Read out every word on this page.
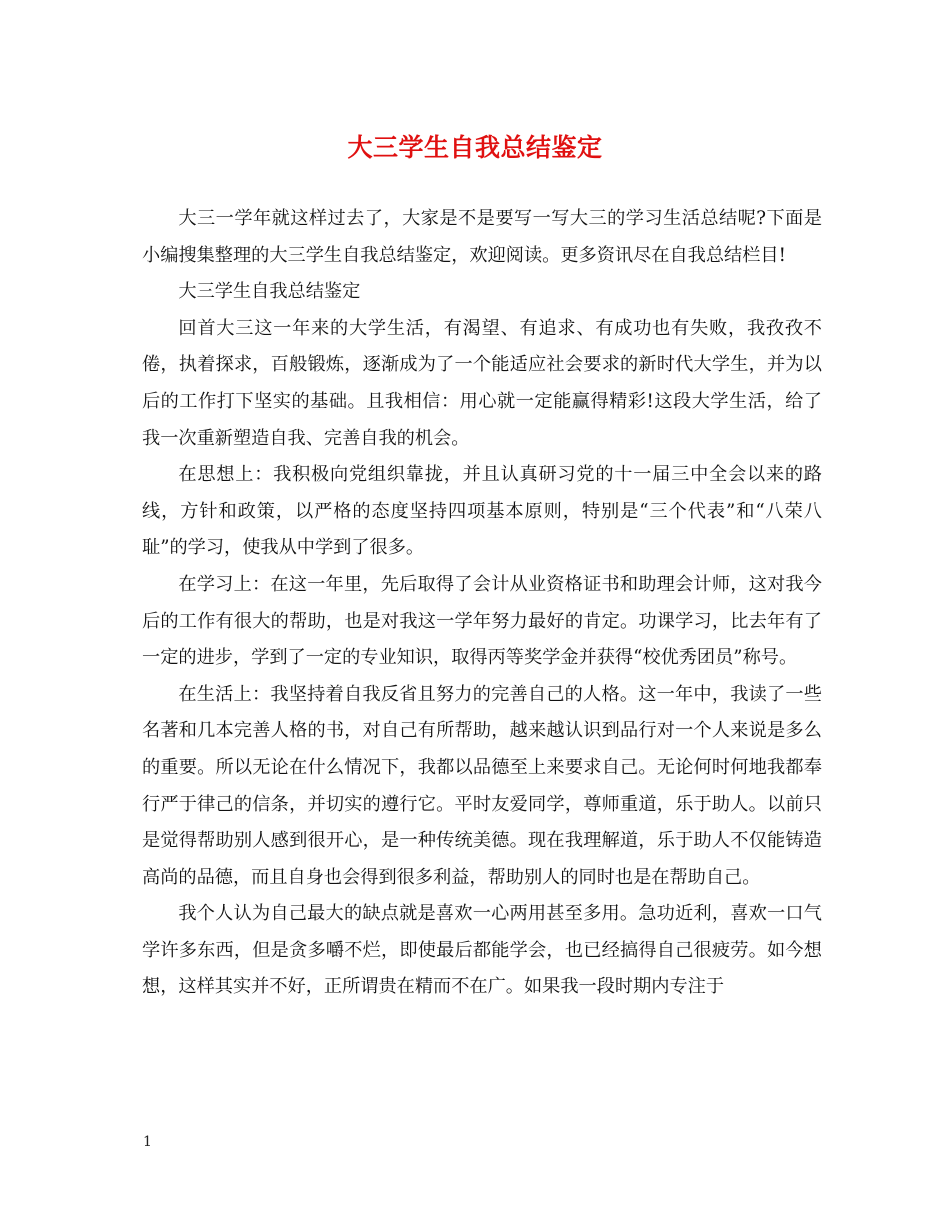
大三学生自我总结鉴定

大三一学年就这样过去了，大家是不是要写一写大三的学习生活总结呢?下面是小编搜集整理的大三学生自我总结鉴定，欢迎阅读。更多资讯尽在自我总结栏目!

大三学生自我总结鉴定

回首大三这一年来的大学生活，有渴望、有追求、有成功也有失败，我孜孜不倦，执着探求，百般锻炼，逐渐成为了一个能适应社会要求的新时代大学生，并为以后的工作打下坚实的基础。且我相信：用心就一定能赢得精彩!这段大学生活，给了我一次重新塑造自我、完善自我的机会。

在思想上：我积极向党组织靠拢，并且认真研习党的十一届三中全会以来的路线，方针和政策，以严格的态度坚持四项基本原则，特别是“三个代表”和“八荣八耻”的学习，使我从中学到了很多。

在学习上：在这一年里，先后取得了会计从业资格证书和助理会计师，这对我今后的工作有很大的帮助，也是对我这一学年努力最好的肯定。功课学习，比去年有了一定的进步，学到了一定的专业知识，取得丙等奖学金并获得“校优秀团员”称号。

在生活上：我坚持着自我反省且努力的完善自己的人格。这一年中，我读了一些名著和几本完善人格的书，对自己有所帮助，越来越认识到品行对一个人来说是多么的重要。所以无论在什么情况下，我都以品德至上来要求自己。无论何时何地我都奉行严于律己的信条，并切实的遵行它。平时友爱同学，尊师重道，乐于助人。以前只是觉得帮助别人感到很开心，是一种传统美德。现在我理解道，乐于助人不仅能铸造高尚的品德，而且自身也会得到很多利益，帮助别人的同时也是在帮助自己。

我个人认为自己最大的缺点就是喜欢一心两用甚至多用。急功近利，喜欢一口气学许多东西，但是贪多嚼不烂，即使最后都能学会，也已经搞得自己很疲劳。如今想想，这样其实并不好，正所谓贵在精而不在广。如果我一段时期内专注于

1
